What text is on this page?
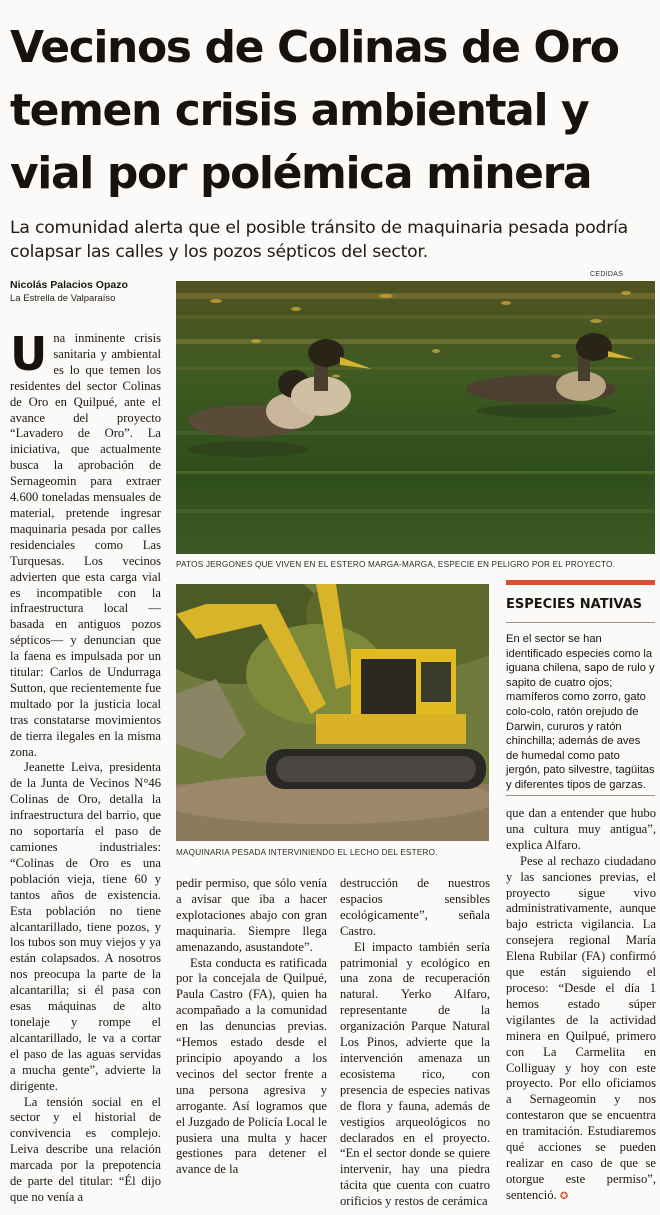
Vecinos de Colinas de Oro
temen crisis ambiental y
vial por polémica minera
La comunidad alerta que el posible tránsito de maquinaria pesada podría
colapsar las calles y los pozos sépticos del sector.
Nicolás Palacios Opazo
La Estrella de Valparaíso
CEDIDAS
PATOS JERGONES QUE VIVEN EN EL ESTERO MARGA-MARGA, ESPECIE EN PELIGRO POR EL PROYECTO.
MAQUINARIA PESADA INTERVINIENDO EL LECHO DEL ESTERO.
ESPECIES NATIVAS
En el sector se han identificado especies como la iguana chilena, sapo de rulo y sapito de cuatro ojos; mamíferos como zorro, gato colo-colo, ratón orejudo de Darwin, cururos y ratón chinchilla; además de aves de humedal como pato jergón, pato silvestre, tagüitas y diferentes tipos de garzas.
U na inminente crisis sanitaria y ambiental es lo que temen los residentes del sector Colinas de Oro en Quilpué, ante el avance del proyecto “Lavadero de Oro”. La iniciativa, que actualmente busca la aprobación de Sernageomin para extraer 4.600 toneladas mensuales de material, pretende ingresar maquinaria pesada por calles residenciales como Las Turquesas. Los vecinos advierten que esta carga vial es incompatible con la infraestructura local —basada en antiguos pozos sépticos— y denuncian que la faena es impulsada por un titular: Carlos de Undurraga Sutton, que recientemente fue multado por la justicia local tras constatarse movimientos de tierra ilegales en la misma zona.

Jeanette Leiva, presidenta de la Junta de Vecinos N°46 Colinas de Oro, detalla la infraestructura del barrio, que no soportaría el paso de camiones industriales: “Colinas de Oro es una población vieja, tiene 60 y tantos años de existencia. Esta población no tiene alcantarillado, tiene pozos, y los tubos son muy viejos y ya están colapsados. A nosotros nos preocupa la parte de la alcantarilla; si él pasa con esas máquinas de alto tonelaje y rompe el alcantarillado, le va a cortar el paso de las aguas servidas a mucha gente”, advierte la dirigente.

La tensión social en el sector y el historial de convivencia es complejo. Leiva describe una relación marcada por la prepotencia de parte del titular: “Él dijo que no venía a

pedir permiso, que sólo venía a avisar que iba a hacer explotaciones abajo con gran maquinaria. Siempre llega amenazando, asustandote”.

Esta conducta es ratificada por la concejala de Quilpué, Paula Castro (FA), quien ha acompañado a la comunidad en las denuncias previas. “Hemos estado desde el principio apoyando a los vecinos del sector frente a una persona agresiva y arrogante. Así logramos que el Juzgado de Policía Local le pusiera una multa y hacer gestiones para detener el avance de la

destrucción de nuestros espacios sensibles ecológicamente”, señala Castro.

El impacto también sería patrimonial y ecológico en una zona de recuperación natural. Yerko Alfaro, representante de la organización Parque Natural Los Pinos, advierte que la intervención amenaza un ecosistema rico, con presencia de especies nativas de flora y fauna, además de vestigios arqueológicos no declarados en el proyecto. “En el sector donde se quiere intervenir, hay una piedra tácita que cuenta con cuatro orificios y restos de cerámica

que dan a entender que hubo una cultura muy antigua”, explica Alfaro.

Pese al rechazo ciudadano y las sanciones previas, el proyecto sigue vivo administrativamente, aunque bajo estricta vigilancia. La consejera regional María Elena Rubilar (FA) confirmó que están siguiendo el proceso: “Desde el día 1 hemos estado súper vigilantes de la actividad minera en Quilpué, primero con La Carmelita en Colliguay y hoy con este proyecto. Por ello oficiamos a Sernageomin y nos contestaron que se encuentra en tramitación. Estudiaremos qué acciones se pueden realizar en caso de que se otorgue este permiso”, sentenció. ✪
